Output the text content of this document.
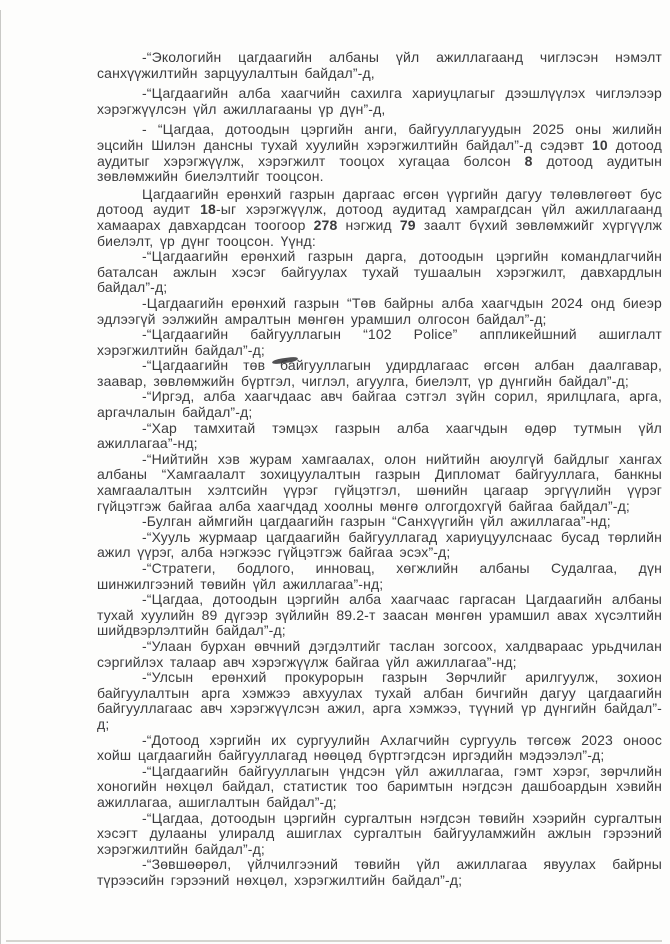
-“Экологийн цагдаагийн албаны үйл ажиллагаанд чиглэсэн нэмэлт санхүүжилтийн зарцуулалтын байдал”-д,

-“Цагдаагийн алба хаагчийн сахилга хариуцлагыг дээшлүүлэх чиглэлээр хэрэгжүүлсэн үйл ажиллагааны үр дүн”-д,

- “Цагдаа, дотоодын цэргийн анги, байгууллагуудын 2025 оны жилийн эцсийн Шилэн дансны тухай хуулийн хэрэгжилтийн байдал”-д сэдэвт 10 дотоод аудитыг хэрэгжүүлж, хэрэгжилт тооцох хугацаа болсон 8 дотоод аудитын зөвлөмжийн биелэлтийг тооцсон.

Цагдаагийн ерөнхий газрын даргаас өгсөн үүргийн дагуу төлөвлөгөөт бус дотоод аудит 18-ыг хэрэгжүүлж, дотоод аудитад хамрагдсан үйл ажиллагаанд хамаарах давхардсан тоогоор 278 нэгжид 79 заалт бүхий зөвлөмжийг хүргүүлж биелэлт, үр дүнг тооцсон. Үүнд:

-“Цагдаагийн ерөнхий газрын дарга, дотоодын цэргийн командлагчийн баталсан ажлын хэсэг байгуулах тухай тушаалын хэрэгжилт, давхардлын байдал”-д;

-Цагдаагийн ерөнхий газрын “Төв байрны алба хаагчдын 2024 онд биеэр эдлээгүй ээлжийн амралтын мөнгөн урамшил олгосон байдал”-д;

-“Цагдаагийн байгууллагын “102 Police” аппликейшний ашиглалт хэрэгжилтийн байдал”-д;

-“Цагдаагийн төв байгууллагын удирдлагаас өгсөн албан даалгавар, заавар, зөвлөмжийн бүртгэл, чиглэл, агуулга, биелэлт, үр дүнгийн байдал”-д;

-“Иргэд, алба хаагчдаас авч байгаа сэтгэл зүйн сорил, ярилцлага, арга, аргачлалын байдал”-д;

-“Хар тамхитай тэмцэх газрын алба хаагчдын өдөр тутмын үйл ажиллагаа”-нд;

-“Нийтийн хэв журам хамгаалах, олон нийтийн аюулгүй байдлыг хангах албаны “Хамгаалалт зохицуулалтын газрын Дипломат байгууллага, банкны хамгаалалтын хэлтсийн үүрэг гүйцэтгэл, шөнийн цагаар эргүүлийн үүрэг гүйцэтгэж байгаа алба хаагчдад хоолны мөнгө олгогдохгүй байгаа байдал”-д;

-Булган аймгийн цагдаагийн газрын “Санхүүгийн үйл ажиллагаа”-нд;

-“Хууль журмаар цагдаагийн байгууллагад хариуцуулснаас бусад төрлийн ажил үүрэг, алба нэгжээс гүйцэтгэж байгаа эсэх”-д;

-“Стратеги, бодлого, инновац, хөгжлийн албаны Судалгаа, дүн шинжилгээний төвийн үйл ажиллагаа”-нд;

-“Цагдаа, дотоодын цэргийн алба хаагчаас гаргасан Цагдаагийн албаны тухай хуулийн 89 дүгээр зүйлийн 89.2-т заасан мөнгөн урамшил авах хүсэлтийн шийдвэрлэлтийн байдал”-д;

-“Улаан бурхан өвчний дэгдэлтийг таслан зогсоох, халдвараас урьдчилан сэргийлэх талаар авч хэрэгжүүлж байгаа үйл ажиллагаа”-нд;

-“Улсын ерөнхий прокурорын газрын Зөрчлийг арилгуулж, зохион байгуулалтын арга хэмжээ авхуулах тухай албан бичгийн дагуу цагдаагийн байгууллагаас авч хэрэгжүүлсэн ажил, арга хэмжээ, түүний үр дүнгийн байдал”-д;

-“Дотоод хэргийн их сургуулийн Ахлагчийн сургууль төгсөж 2023 оноос хойш цагдаагийн байгууллагад нөөцөд бүртгэгдсэн иргэдийн мэдээлэл”-д;

-“Цагдаагийн байгууллагын үндсэн үйл ажиллагаа, гэмт хэрэг, зөрчлийн хоногийн нөхцөл байдал, статистик тоо баримтын нэгдсэн дашбоардын хэвийн ажиллагаа, ашиглалтын байдал”-д;

-“Цагдаа, дотоодын цэргийн сургалтын нэгдсэн төвийн хээрийн сургалтын хэсэгт дулааны улиралд ашиглах сургалтын байгууламжийн ажлын гэрээний хэрэгжилтийн байдал”-д;

-“Зөвшөөрөл, үйлчилгээний төвийн үйл ажиллагаа явуулах байрны түрээсийн гэрээний нөхцөл, хэрэгжилтийн байдал”-д;
